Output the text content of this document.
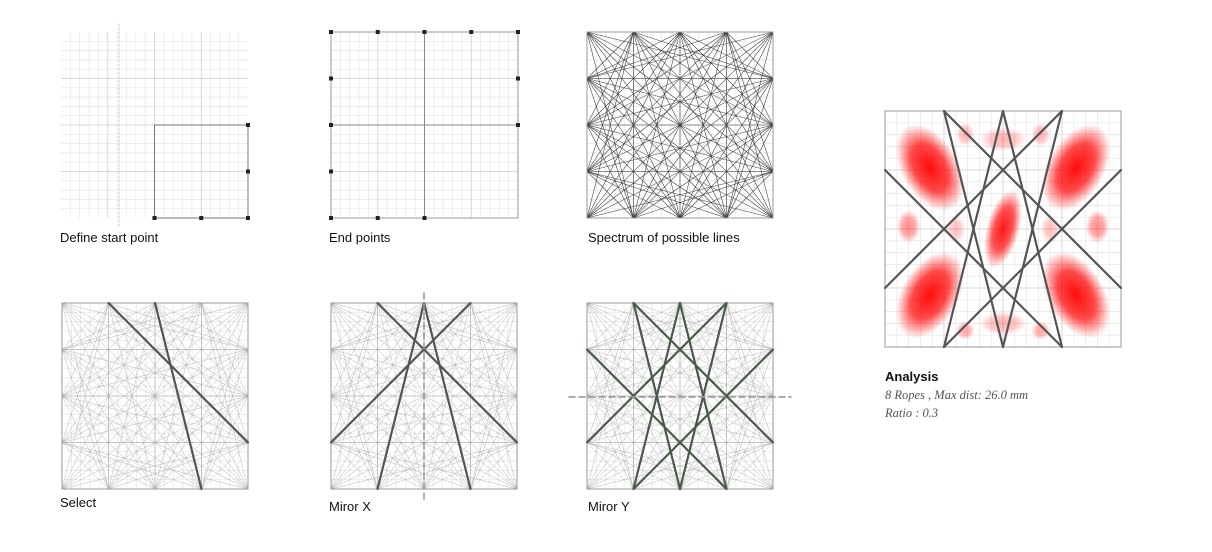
Define start point	End points	Spectrum of possible lines
Select	Miror X	Miror Y
Analysis
8 Ropes , Max dist: 26.0 mm
Ratio : 0.3
